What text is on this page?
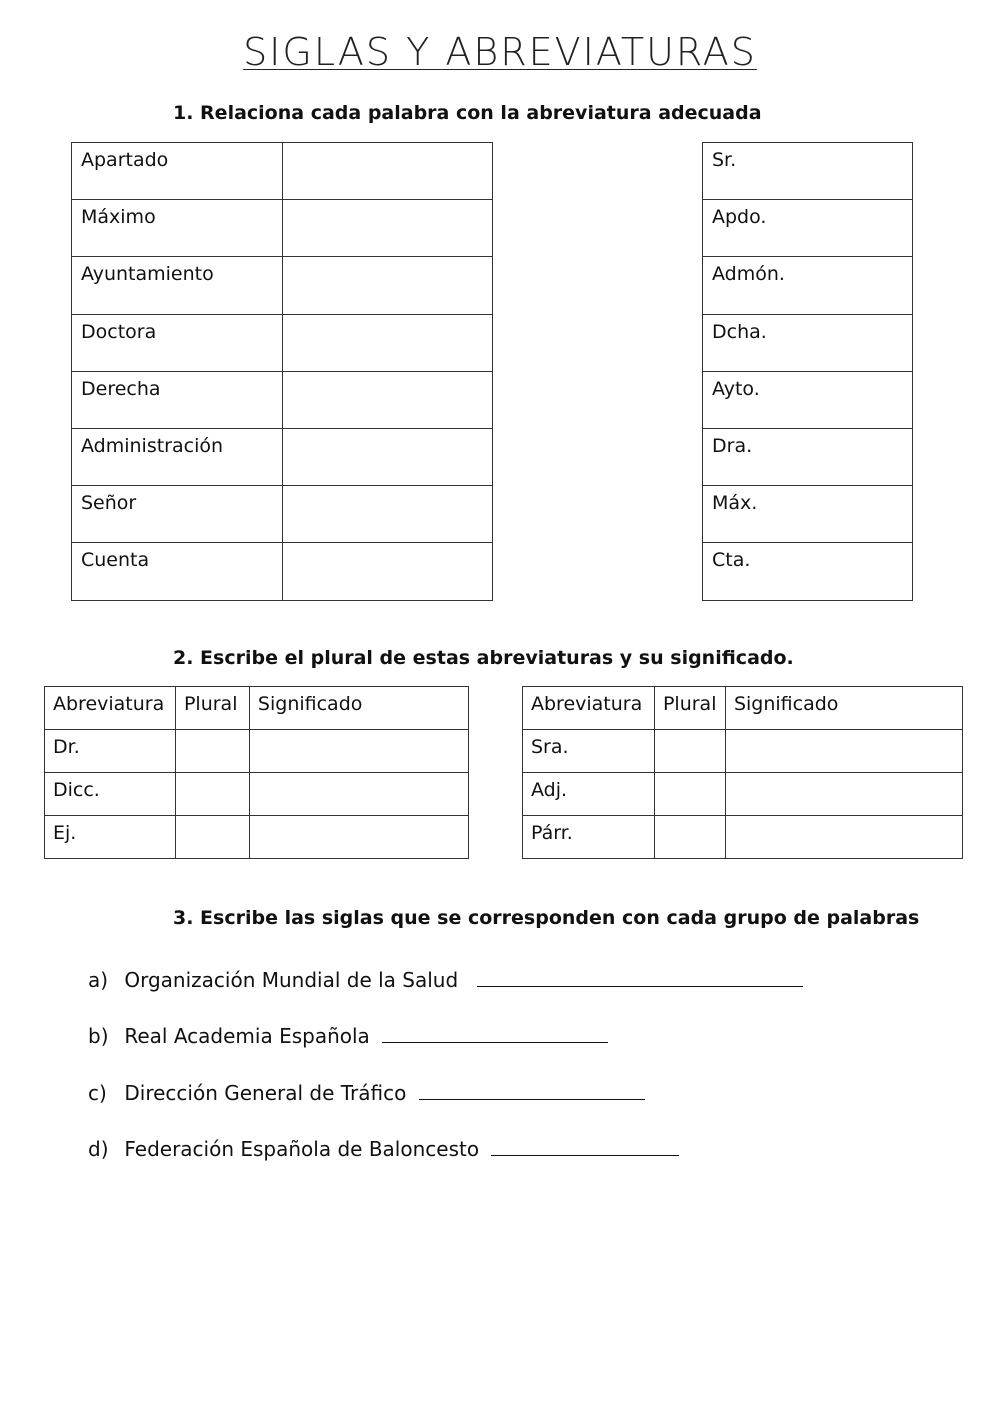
SIGLAS Y ABREVIATURAS
1. Relaciona cada palabra con la abreviatura adecuada
Apartado	
Máximo	
Ayuntamiento	
Doctora	
Derecha	
Administración	
Señor	
Cuenta	
Sr.
Apdo.
Admón.
Dcha.
Ayto.
Dra.
Máx.
Cta.
2. Escribe el plural de estas abreviaturas y su significado.
Abreviatura	Plural	Significado
Dr.		
Dicc.		
Ej.		
Abreviatura	Plural	Significado
Sra.		
Adj.		
Párr.		
3. Escribe las siglas que se corresponden con cada grupo de palabras
a) Organización Mundial de la Salud
b) Real Academia Española
c) Dirección General de Tráfico
d) Federación Española de Baloncesto
